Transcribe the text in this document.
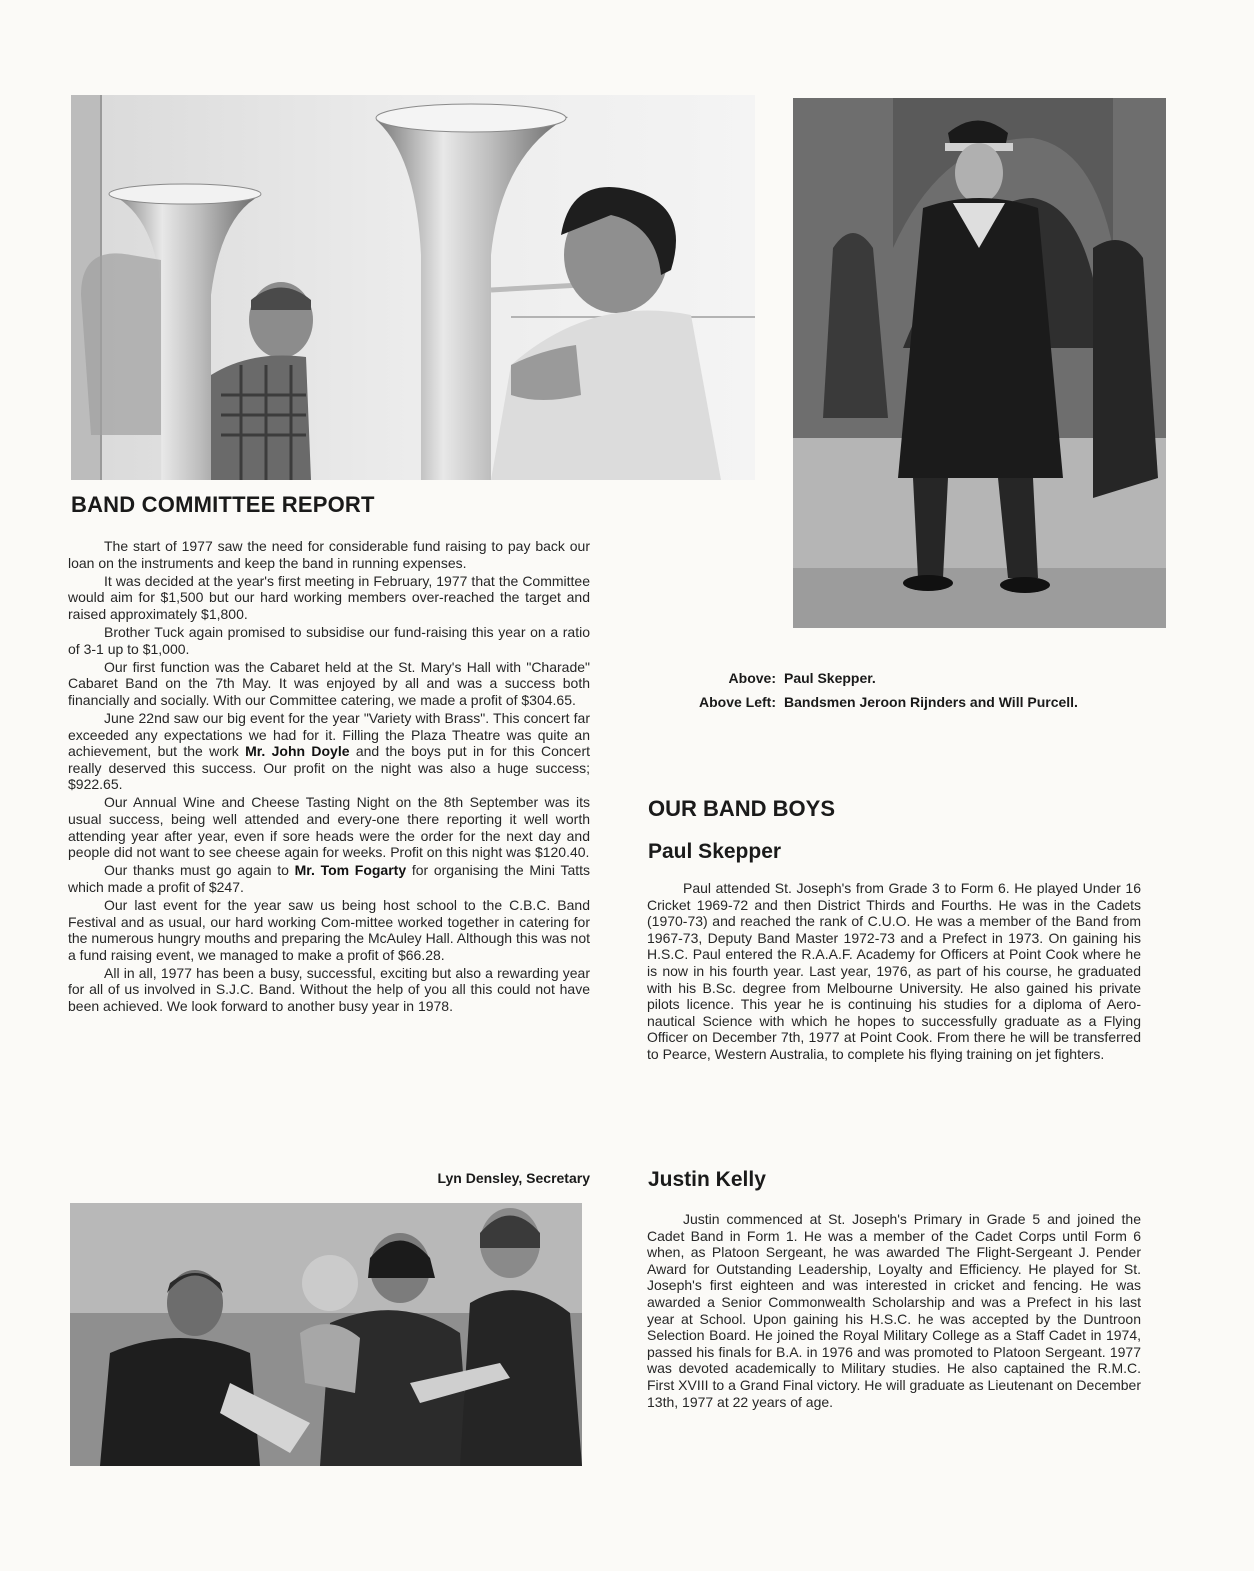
BAND COMMITTEE REPORT

The start of 1977 saw the need for considerable fund raising to pay back our loan on the instruments and keep the band in running expenses.

It was decided at the year's first meeting in February, 1977 that the Committee would aim for $1,500 but our hard working members over-reached the target and raised approximately $1,800.

Brother Tuck again promised to subsidise our fund-raising this year on a ratio of 3-1 up to $1,000.

Our first function was the Cabaret held at the St. Mary's Hall with "Charade" Cabaret Band on the 7th May. It was enjoyed by all and was a success both financially and socially. With our Committee catering, we made a profit of $304.65.

June 22nd saw our big event for the year "Variety with Brass". This concert far exceeded any expectations we had for it. Filling the Plaza Theatre was quite an achievement, but the work Mr. John Doyle and the boys put in for this Concert really deserved this success. Our profit on the night was also a huge success; $922.65.

Our Annual Wine and Cheese Tasting Night on the 8th September was its usual success, being well attended and every-one there reporting it well worth attending year after year, even if sore heads were the order for the next day and people did not want to see cheese again for weeks. Profit on this night was $120.40.

Our thanks must go again to Mr. Tom Fogarty for organising the Mini Tatts which made a profit of $247.

Our last event for the year saw us being host school to the C.B.C. Band Festival and as usual, our hard working Com-mittee worked together in catering for the numerous hungry mouths and preparing the McAuley Hall. Although this was not a fund raising event, we managed to make a profit of $66.28.

All in all, 1977 has been a busy, successful, exciting but also a rewarding year for all of us involved in S.J.C. Band. Without the help of you all this could not have been achieved. We look forward to another busy year in 1978.

Lyn Densley, Secretary
Above: Paul Skepper.
Above Left: Bandsmen Jeroon Rijnders and Will Purcell.
OUR BAND BOYS
Paul Skepper

Paul attended St. Joseph's from Grade 3 to Form 6. He played Under 16 Cricket 1969-72 and then District Thirds and Fourths. He was in the Cadets (1970-73) and reached the rank of C.U.O. He was a member of the Band from 1967-73, Deputy Band Master 1972-73 and a Prefect in 1973. On gaining his H.S.C. Paul entered the R.A.A.F. Academy for Officers at Point Cook where he is now in his fourth year. Last year, 1976, as part of his course, he graduated with his B.Sc. degree from Melbourne University. He also gained his private pilots licence. This year he is continuing his studies for a diploma of Aero-nautical Science with which he hopes to successfully graduate as a Flying Officer on December 7th, 1977 at Point Cook. From there he will be transferred to Pearce, Western Australia, to complete his flying training on jet fighters.

Justin Kelly

Justin commenced at St. Joseph's Primary in Grade 5 and joined the Cadet Band in Form 1. He was a member of the Cadet Corps until Form 6 when, as Platoon Sergeant, he was awarded The Flight-Sergeant J. Pender Award for Outstanding Leadership, Loyalty and Efficiency. He played for St. Joseph's first eighteen and was interested in cricket and fencing. He was awarded a Senior Commonwealth Scholarship and was a Prefect in his last year at School. Upon gaining his H.S.C. he was accepted by the Duntroon Selection Board. He joined the Royal Military College as a Staff Cadet in 1974, passed his finals for B.A. in 1976 and was promoted to Platoon Sergeant. 1977 was devoted academically to Military studies. He also captained the R.M.C. First XVIII to a Grand Final victory. He will graduate as Lieutenant on December 13th, 1977 at 22 years of age.
